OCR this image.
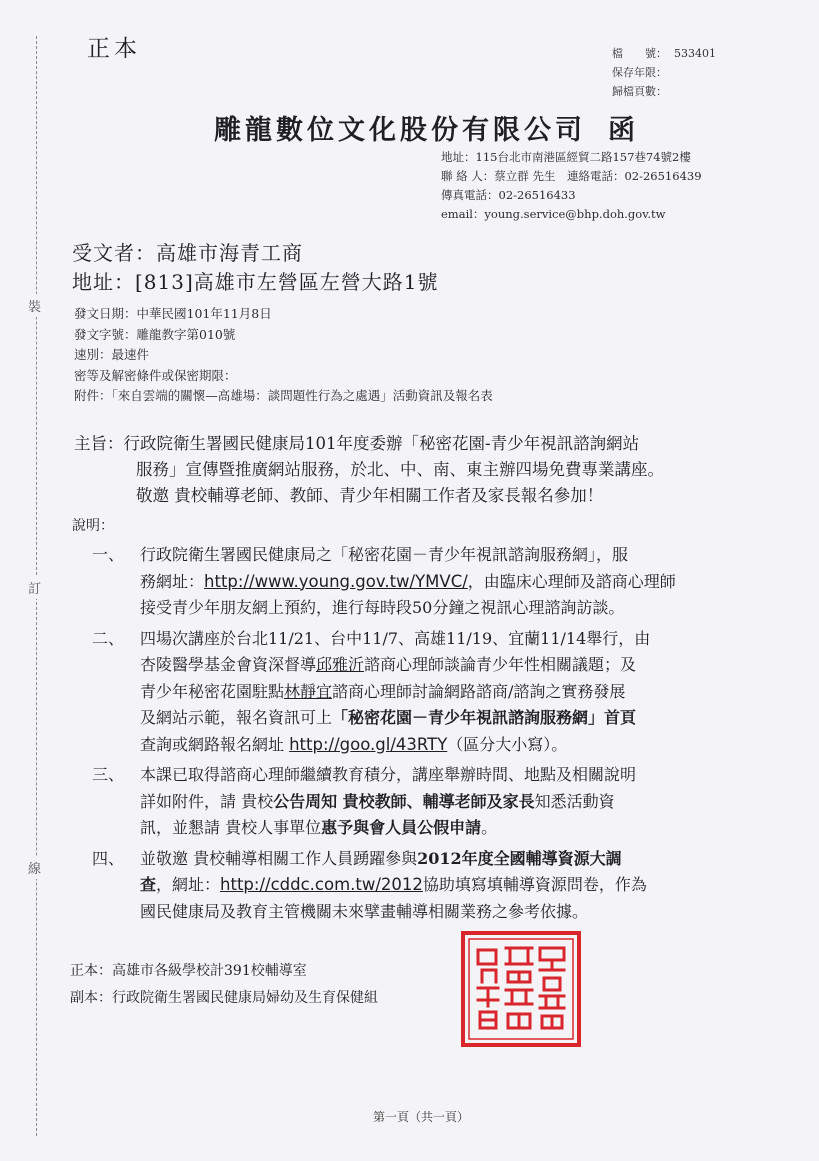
裝
訂
線
正本	檔　　號： 533401
保存年限：
歸檔頁數：
雕龍數位文化股份有限公司 函
地址：115台北市南港區經貿二路157巷74號2樓
聯 絡 人：蔡立群 先生　連絡電話：02-26516439
傳真電話：02-26516433
email：young.service@bhp.doh.gov.tw
受文者：高雄市海青工商
地址：[813]高雄市左營區左營大路1號
發文日期：中華民國101年11月8日
發文字號：雕龍教字第010號
速別：最速件
密等及解密條件或保密期限：
附件：「來自雲端的關懷—高雄場：談問題性行為之處遇」活動資訊及報名表
主旨：行政院衛生署國民健康局101年度委辦「秘密花園-青少年視訊諮詢網站
服務」宣傳暨推廣網站服務，於北、中、南、東主辦四場免費專業講座。
敬邀 貴校輔導老師、教師、青少年相關工作者及家長報名參加！
說明：
一、 行政院衛生署國民健康局之「秘密花園－青少年視訊諮詢服務網」，服
務網址：http://www.young.gov.tw/YMVC/，由臨床心理師及諮商心理師
接受青少年朋友網上預約，進行每時段50分鐘之視訊心理諮詢訪談。
二、 四場次講座於台北11/21、台中11/7、高雄11/19、宜蘭11/14舉行，由
杏陵醫學基金會資深督導邱雅沂諮商心理師談論青少年性相關議題；及
青少年秘密花園駐點林靜宜諮商心理師討論網路諮商/諮詢之實務發展
及網站示範，報名資訊可上「秘密花園－青少年視訊諮詢服務網」首頁
查詢或網路報名網址 http://goo.gl/43RTY（區分大小寫）。
三、 本課已取得諮商心理師繼續教育積分，講座舉辦時間、地點及相關說明
詳如附件，請 貴校公告周知 貴校教師、輔導老師及家長知悉活動資
訊，並懇請 貴校人事單位惠予與會人員公假申請。
四、 並敬邀 貴校輔導相關工作人員踴躍參與2012年度全國輔導資源大調
查，網址：http://cddc.com.tw/2012協助填寫填輔導資源問卷，作為
國民健康局及教育主管機關未來擘畫輔導相關業務之參考依據。
正本：高雄市各級學校計391校輔導室
副本：行政院衛生署國民健康局婦幼及生育保健組
第一頁（共一頁）
